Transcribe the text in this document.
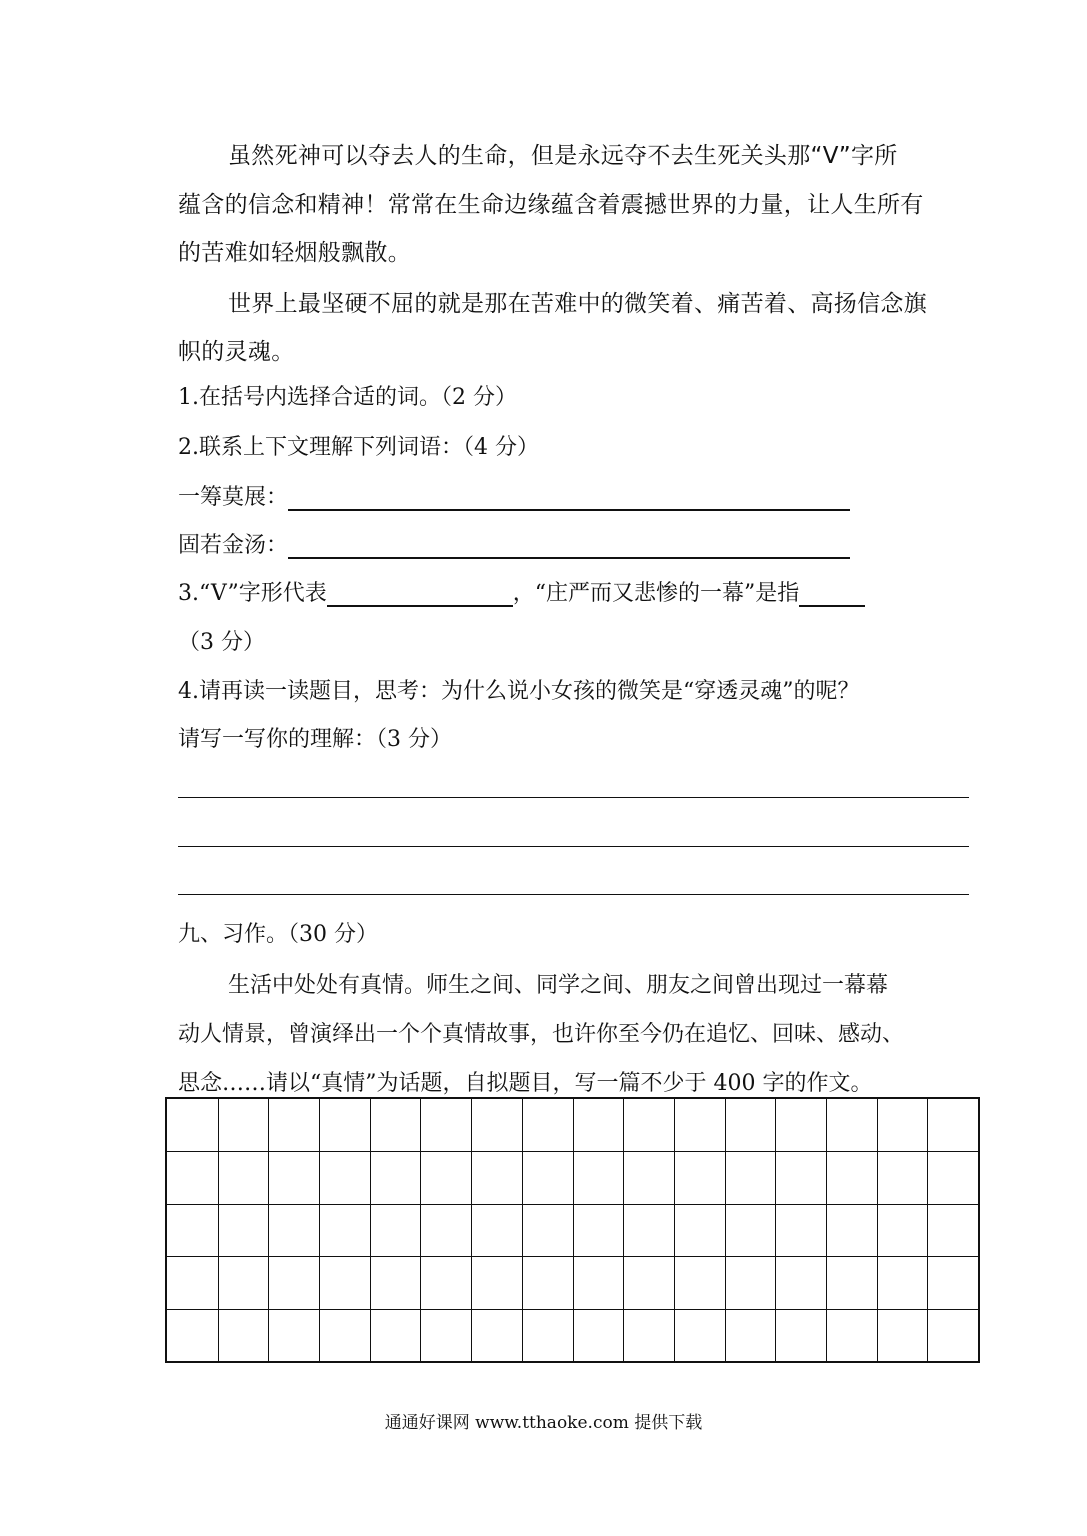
虽然死神可以夺去人的生命，但是永远夺不去生死关头那“V”字所

蕴含的信念和精神！常常在生命边缘蕴含着震撼世界的力量，让人生所有

的苦难如轻烟般飘散。

世界上最坚硬不屈的就是那在苦难中的微笑着、痛苦着、高扬信念旗

帜的灵魂。

1.在括号内选择合适的词。（2 分）

2.联系上下文理解下列词语：（4 分）

一筹莫展：

固若金汤：

3.“V”字形代表	，“庄严而又悲惨的一幕”是指

（3 分）

4.请再读一读题目，思考：为什么说小女孩的微笑是“穿透灵魂”的呢？

请写一写你的理解：（3 分）

九、习作。（30 分）

生活中处处有真情。师生之间、同学之间、朋友之间曾出现过一幕幕

动人情景，曾演绎出一个个真情故事，也许你至今仍在追忆、回味、感动、

思念……请以“真情”为话题，自拟题目，写一篇不少于 400 字的作文。

通通好课网 www.tthaoke.com 提供下载
